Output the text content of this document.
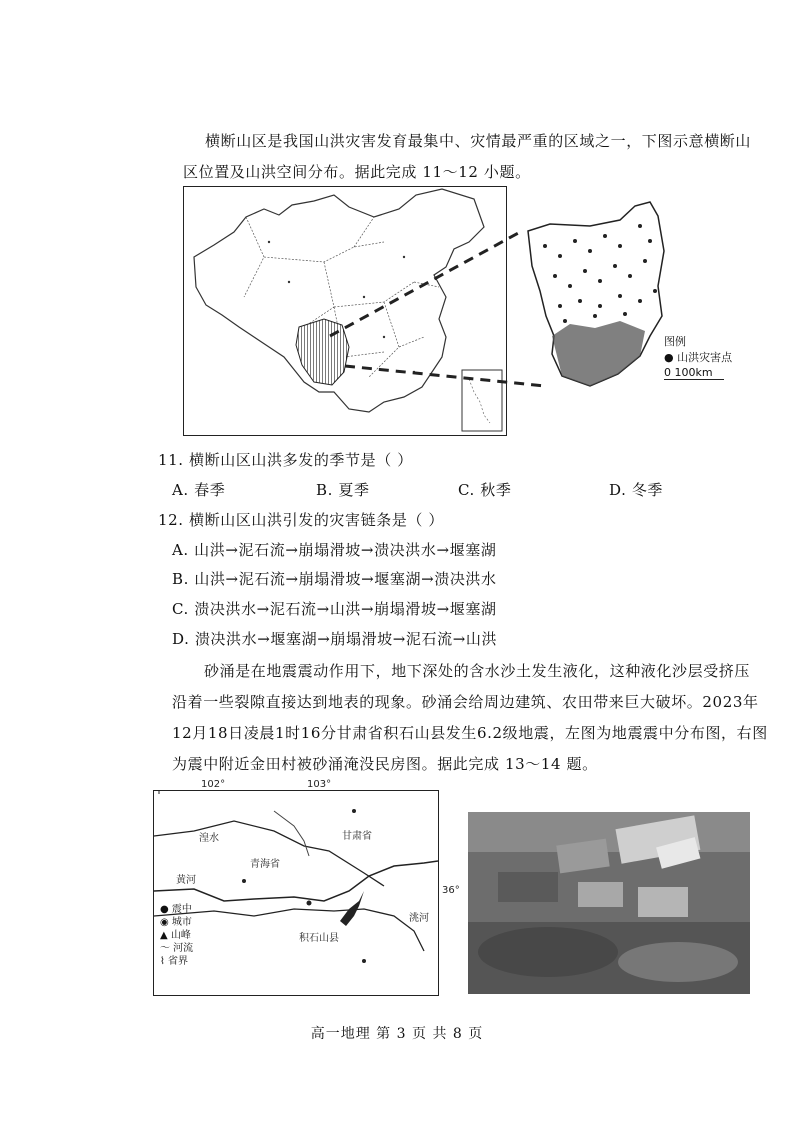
横断山区是我国山洪灾害发育最集中、灾情最严重的区域之一，下图示意横断山
区位置及山洪空间分布。据此完成 11～12 小题。
图例
● 山洪灾害点
0 100km
11. 横断山区山洪多发的季节是（ ）
A. 春季	B. 夏季	C. 秋季	D. 冬季
12. 横断山区山洪引发的灾害链条是（ ）
A. 山洪→泥石流→崩塌滑坡→溃决洪水→堰塞湖
B. 山洪→泥石流→崩塌滑坡→堰塞湖→溃决洪水
C. 溃决洪水→泥石流→山洪→崩塌滑坡→堰塞湖
D. 溃决洪水→堰塞湖→崩塌滑坡→泥石流→山洪
砂涌是在地震震动作用下，地下深处的含水沙土发生液化，这种液化沙层受挤压
沿着一些裂隙直接达到地表的现象。砂涌会给周边建筑、农田带来巨大破坏。2023年
12月18日凌晨1时16分甘肃省积石山县发生6.2级地震，左图为地震震中分布图，右图
为震中附近金田村被砂涌淹没民房图。据此完成 13～14 题。
102°	103°
湟水
青海省
甘肃省
黄河
洮河
积石山县
36°
● 震中
◉ 城市
▲ 山峰
～ 河流
⌇ 省界
高一地理 第 3 页 共 8 页
